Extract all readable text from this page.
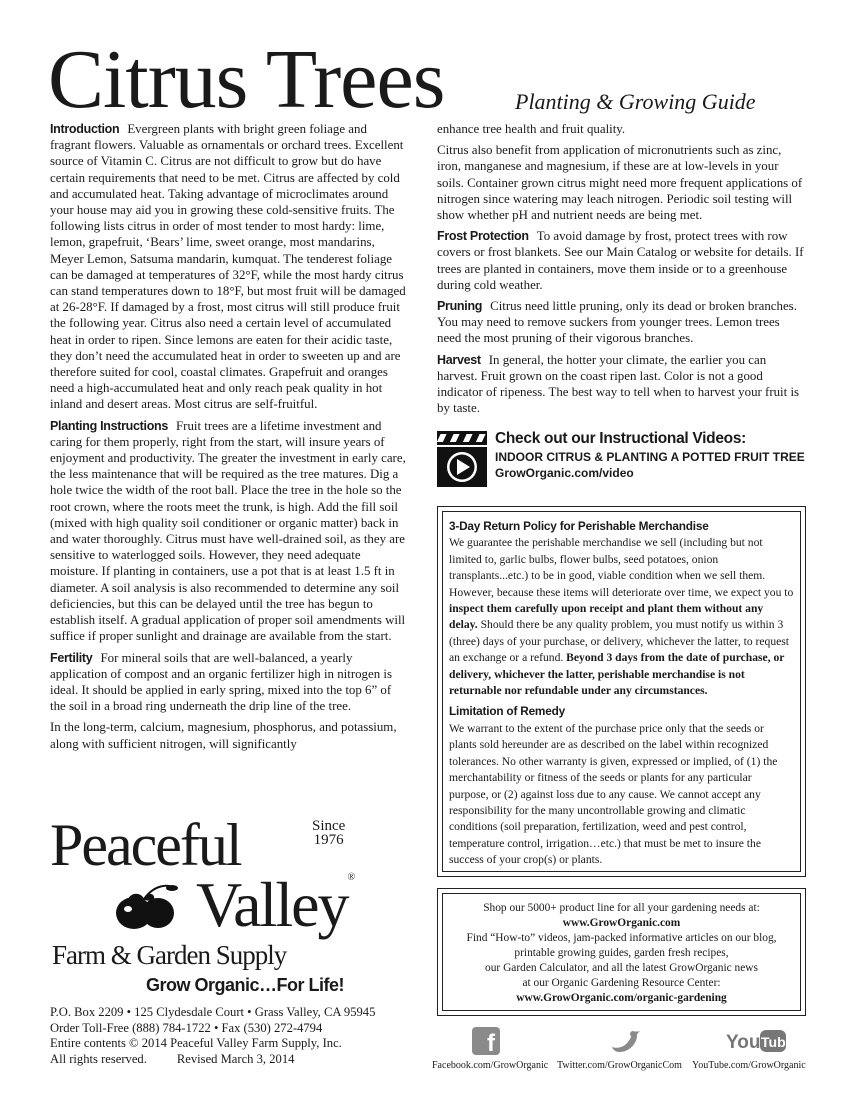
Citrus Trees	Planting & Growing Guide

Introduction Evergreen plants with bright green foliage and fragrant flowers. Valuable as ornamentals or orchard trees. Excellent source of Vitamin C. Citrus are not difficult to grow but do have certain requirements that need to be met. Citrus are affected by cold and accumulated heat. Taking advantage of microclimates around your house may aid you in growing these cold-sensitive fruits. The following lists citrus in order of most tender to most hardy: lime, lemon, grapefruit, ‘Bears’ lime, sweet orange, most mandarins, Meyer Lemon, Satsuma mandarin, kumquat. The tenderest foliage can be damaged at temperatures of 32°F, while the most hardy citrus can stand temperatures down to 18°F, but most fruit will be damaged at 26-28°F. If damaged by a frost, most citrus will still produce fruit the following year. Citrus also need a certain level of accumulated heat in order to ripen. Since lemons are eaten for their acidic taste, they don’t need the accumulated heat in order to sweeten up and are therefore suited for cool, coastal climates. Grapefruit and oranges need a high-accumulated heat and only reach peak quality in hot inland and desert areas. Most citrus are self-fruitful.

Planting Instructions Fruit trees are a lifetime investment and caring for them properly, right from the start, will insure years of enjoyment and productivity. The greater the investment in early care, the less maintenance that will be required as the tree matures. Dig a hole twice the width of the root ball. Place the tree in the hole so the root crown, where the roots meet the trunk, is high. Add the fill soil (mixed with high quality soil conditioner or organic matter) back in and water thoroughly. Citrus must have well-drained soil, as they are sensitive to waterlogged soils. However, they need adequate moisture. If planting in containers, use a pot that is at least 1.5 ft in diameter. A soil analysis is also recommended to determine any soil deficiencies, but this can be delayed until the tree has begun to establish itself. A gradual application of proper soil amendments will suffice if proper sunlight and drainage are available from the start.

Fertility For mineral soils that are well-balanced, a yearly application of compost and an organic fertilizer high in nitrogen is ideal. It should be applied in early spring, mixed into the top 6” of the soil in a broad ring underneath the drip line of the tree.

In the long-term, calcium, magnesium, phosphorus, and potassium, along with sufficient nitrogen, will significantly

enhance tree health and fruit quality.

Citrus also benefit from application of micronutrients such as zinc, iron, manganese and magnesium, if these are at low-levels in your soils. Container grown citrus might need more frequent applications of nitrogen since watering may leach nitrogen. Periodic soil testing will show whether pH and nutrient needs are being met.

Frost Protection To avoid damage by frost, protect trees with row covers or frost blankets. See our Main Catalog or website for details. If trees are planted in containers, move them inside or to a greenhouse during cold weather.

Pruning Citrus need little pruning, only its dead or broken branches. You may need to remove suckers from younger trees. Lemon trees need the most pruning of their vigorous branches.

Harvest In general, the hotter your climate, the earlier you can harvest. Fruit grown on the coast ripen last. Color is not a good indicator of ripeness. The best way to tell when to harvest your fruit is by taste.

Check out our Instructional Videos:
INDOOR CITRUS & PLANTING A POTTED FRUIT TREE
GrowOrganic.com/video
3-Day Return Policy for Perishable Merchandise

We guarantee the perishable merchandise we sell (including but not limited to, garlic bulbs, flower bulbs, seed potatoes, onion transplants...etc.) to be in good, viable condition when we sell them. However, because these items will deteriorate over time, we expect you to inspect them carefully upon receipt and plant them without any delay. Should there be any quality problem, you must notify us within 3 (three) days of your purchase, or delivery, whichever the latter, to request an exchange or a refund. Beyond 3 days from the date of purchase, or delivery, whichever the latter, perishable merchandise is not returnable nor refundable under any circumstances.

Limitation of Remedy

We warrant to the extent of the purchase price only that the seeds or plants sold hereunder are as described on the label within recognized tolerances. No other warranty is given, expressed or implied, of (1) the merchantability or fitness of the seeds or plants for any particular purpose, or (2) against loss due to any cause. We cannot accept any responsibility for the many uncontrollable growing and climatic conditions (soil preparation, fertilization, weed and pest control, temperature control, irrigation…etc.) that must be met to insure the success of your crop(s) or plants.

Shop our 5000+ product line for all your gardening needs at:
www.GrowOrganic.com
Find “How-to” videos, jam-packed informative articles on our blog,
printable growing guides, garden fresh recipes,
our Garden Calculator, and all the latest GrowOrganic news
at our Organic Gardening Resource Center:
www.GrowOrganic.com/organic-gardening
f	You Tube
Facebook.com/GrowOrganic Twitter.com/GrowOrganicCom YouTube.com/GrowOrganic
Peaceful
Valley®
Since
1976
Farm & Garden Supply
Grow Organic…For Life!
P.O. Box 2209 • 125 Clydesdale Court • Grass Valley, CA 95945
Order Toll-Free (888) 784-1722 • Fax (530) 272-4794
Entire contents © 2014 Peaceful Valley Farm Supply, Inc.
All rights reserved. Revised March 3, 2014
